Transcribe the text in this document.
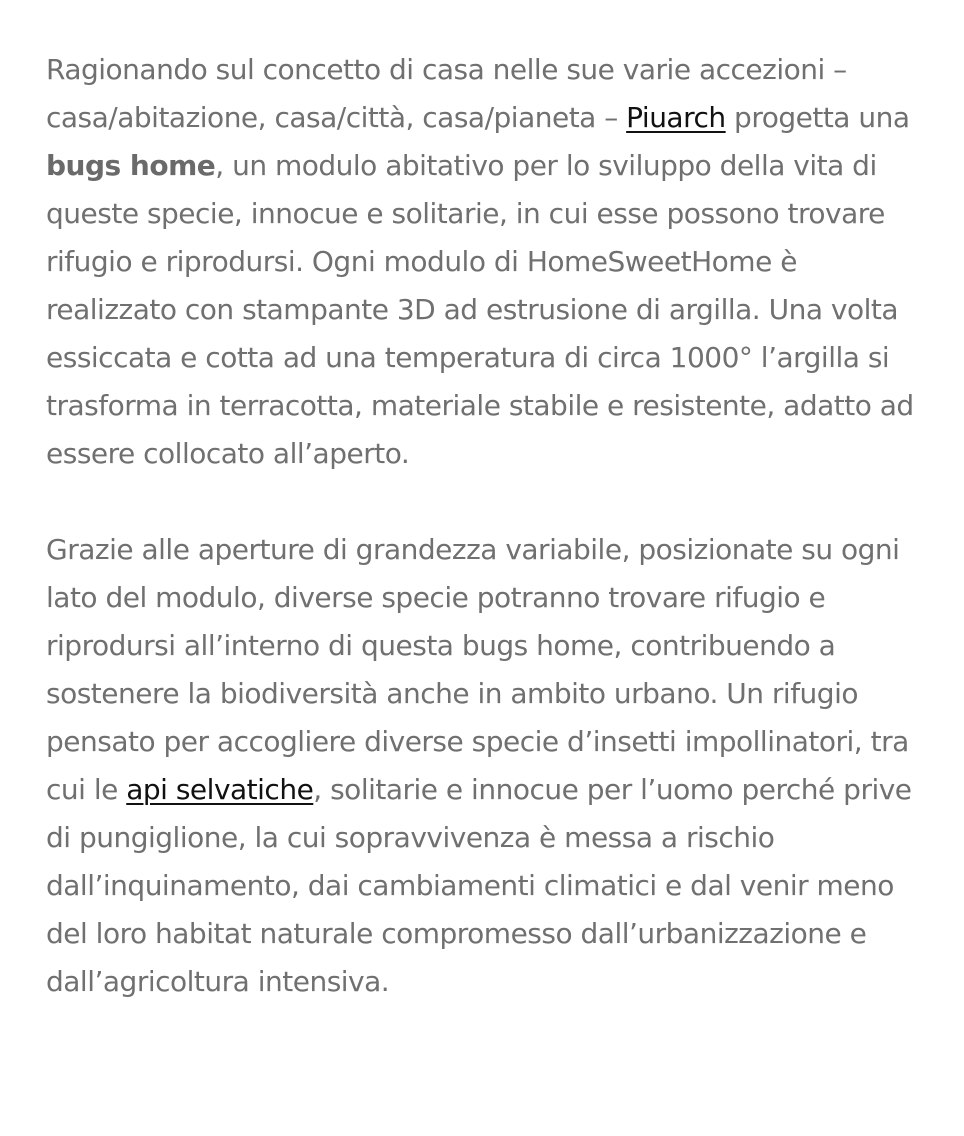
Ragionando sul concetto di casa nelle sue varie accezioni – casa/abitazione, casa/città, casa/pianeta – Piuarch progetta una bugs home, un modulo abitativo per lo sviluppo della vita di queste specie, innocue e solitarie, in cui esse possono trovare rifugio e riprodursi. Ogni modulo di HomeSweetHome è realizzato con stampante 3D ad estrusione di argilla. Una volta essiccata e cotta ad una temperatura di circa 1000° l’argilla si trasforma in terracotta, materiale stabile e resistente, adatto ad essere collocato all’aperto.

Grazie alle aperture di grandezza variabile, posizionate su ogni lato del modulo, diverse specie potranno trovare rifugio e riprodursi all’interno di questa bugs home, contribuendo a sostenere la biodiversità anche in ambito urbano. Un rifugio pensato per accogliere diverse specie d’insetti impollinatori, tra cui le api selvatiche, solitarie e innocue per l’uomo perché prive di pungiglione, la cui sopravvivenza è messa a rischio dall’inquinamento, dai cambiamenti climatici e dal venir meno del loro habitat naturale compromesso dall’urbanizzazione e dall’agricoltura intensiva.
